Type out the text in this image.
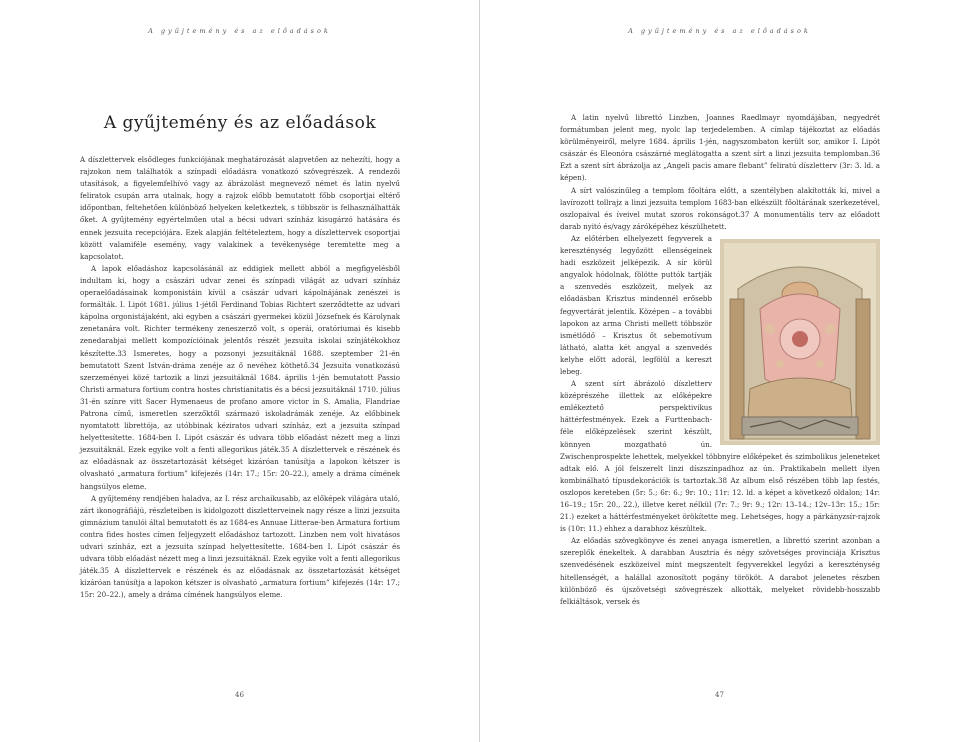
A gyűjtemény és az előadások
A gyűjtemény és az előadások

A díszlettervek elsődleges funkciójának meghatározását alapvetően az nehezíti, hogy a rajzokon nem találhatók a színpadi előadásra vonatkozó szövegrészek. A rendezői utasítások, a figyelemfelhívó vagy az ábrázolást megnevező német és latin nyelvű feliratok csupán arra utalnak, hogy a rajzok előbb bemutatott főbb csoportjai eltérő időpontban, feltehetően különböző helyeken keletkeztek, s többször is felhasználhatták őket. A gyűjtemény egyértelműen utal a bécsi udvari színház kisugárzó hatására és ennek jezsuita recepciójára. Ezek alapján feltételeztem, hogy a díszlettervek csoportjai között valamiféle esemény, vagy valakinek a tevékenysége teremtette meg a kapcsolatot.

A lapok előadáshoz kapcsolásánál az eddigiek mellett abból a megfigyelésből indultam ki, hogy a császári udvar zenei és színpadi világát az udvari színház operaelőadásainak komponistáin kívül a császár udvari kápolnájának zenészei is formálták. I. Lipót 1681. július 1-jétől Ferdinand Tobias Richtert szerződtette az udvari kápolna orgonistájaként, aki egyben a császári gyermekei közül Józsefnek és Károlynak zenetanára volt. Richter termékeny zeneszerző volt, s operái, oratóriumai és kisebb zenedarabjai mellett kompozícióinak jelentős részét jezsuita iskolai színjátékokhoz készítette.33 Ismeretes, hogy a pozsonyi jezsuitáknál 1688. szeptember 21-én bemutatott Szent István-dráma zenéje az ő nevéhez köthető.34 Jezsuita vonatkozású szerzeményei közé tartozik a linzi jezsuitáknál 1684. április 1-jén bemutatott Passio Christi armatura fortium contra hostes christianitatis és a bécsi jezsuitáknál 1710. július 31-én színre vitt Sacer Hymenaeus de profano amore victor in S. Amalia, Flandriae Patrona című, ismeretlen szerzőktől származó iskoladrámák zenéje. Az előbbinek nyomtatott librettója, az utóbbinak kéziratos udvari színház, ezt a jezsuita színpad helyettesítette. 1684-ben I. Lipót császár és udvara több előadást nézett meg a linzi jezsuitáknál. Ezek egyike volt a fenti allegorikus játék.35 A díszlettervek e részének és az előadásnak az összetartozását kétséget kizáróan tanúsítja a lapokon kétszer is olvasható „armatura fortium” kifejezés (14r: 17.; 15r: 20–22.), amely a dráma címének hangsúlyos eleme.

A gyűjtemény rendjében haladva, az I. rész archaikusabb, az előképek világára utaló, zárt ikonográfiájú, részleteiben is kidolgozott díszletterveinek nagy része a linzi jezsuita gimnázium tanulói által bemutatott és az 1684-es Annuae Litterae-ben Armatura fortium contra fides hostes címen feljegyzett előadáshoz tartozott. Linzben nem volt hivatásos udvari színház, ezt a jezsuita színpad helyettesítette. 1684-ben I. Lipót császár és udvara több előadást nézett meg a linzi jezsuitáknál. Ezek egyike volt a fenti allegorikus játék.35 A díszlettervek e részének és az előadásnak az összetartozását kétséget kizáróan tanúsítja a lapokon kétszer is olvasható „armatura fortium” kifejezés (14r: 17.; 15r: 20–22.), amely a dráma címének hangsúlyos eleme.

46
A gyűjtemény és az előadások

A latin nyelvű librettó Linzben, Joannes Raedlmayr nyomdájában, negyedrét formátumban jelent meg, nyolc lap terjedelemben. A címlap tájékoztat az előadás körülményeiről, melyre 1684. április 1-jén, nagyszombaton került sor, amikor I. Lipót császár és Eleonóra császárné meglátogatta a szent sírt a linzi jezsuita templomban.36 Ezt a szent sírt ábrázolja az „Angeli pacis amare flebant” feliratú díszletterv (3r: 3. ld. a képen).

A sírt valószínűleg a templom főoltára előtt, a szentélyben alakították ki, mivel a lavírozott tollrajz a linzi jezsuita templom 1683-ban elkészült főoltárának szerkezetével, oszlopaival és íveivel mutat szoros rokonságot.37 A monumentális terv az előadott darab nyitó és/vagy záróképéhez készülhetett.

Az előtérben elhelyezett fegyverek a kereszténység legyőzött ellenségeinek hadi eszközeit jelképezik. A sír körül angyalok hódolnak, fölötte puttók tartják a szenvedés eszközeit, melyek az előadásban Krisztus mindennél erősebb fegyvertárát jelentik. Középen – a további lapokon az arma Christi mellett többször ismétlődő – Krisztus őt sebemotívum látható, alatta két angyal a szenvedés kelyhe előtt adorál, legfölül a kereszt lebeg.

A szent sírt ábrázoló díszletterv középrészéhe illettek az előképekre emlékeztető perspektivikus háttérfestmények. Ezek a Furttenbach-féle előképzelések szerint készült, könnyen mozgatható ún. Zwischenprospekte lehettek, melyekkel többnyire előképeket és szimbolikus jeleneteket adtak elő. A jól felszerelt linzi díszszínpadhoz az ún. Praktikabeln mellett ilyen kombinálható típusdekorációk is tartoztak.38 Az album első részében több lap festés, oszlopos kereteben (5r: 5.; 6r: 6.; 9r: 10.; 11r: 12. ld. a képet a következő oldalon; 14r: 16–19.; 15r: 20., 22.), illetve keret nélkül (7r: 7.; 9r: 9.; 12r: 13–14.; 12v–13r: 15.; 15r: 21.) ezeket a háttérfestményeket örökítette meg. Lehetséges, hogy a párkányzsír-rajzok is (10r: 11.) ehhez a darabhoz készültek.

Az előadás szövegkönyve és zenei anyaga ismeretlen, a librettó szerint azonban a szereplők énekeltek. A darabban Ausztria és négy szövetséges provinciája Krisztus szenvedésének eszközeivel mint megszentelt fegyverekkel legyőzi a kereszténység hitellenségét, a halállal azonosított pogány törököt. A darabot jelenetes részben különböző és újszövetségi szövegrészek alkották, melyeket rövidebb-hosszabb felkiáltások, versek és

47
